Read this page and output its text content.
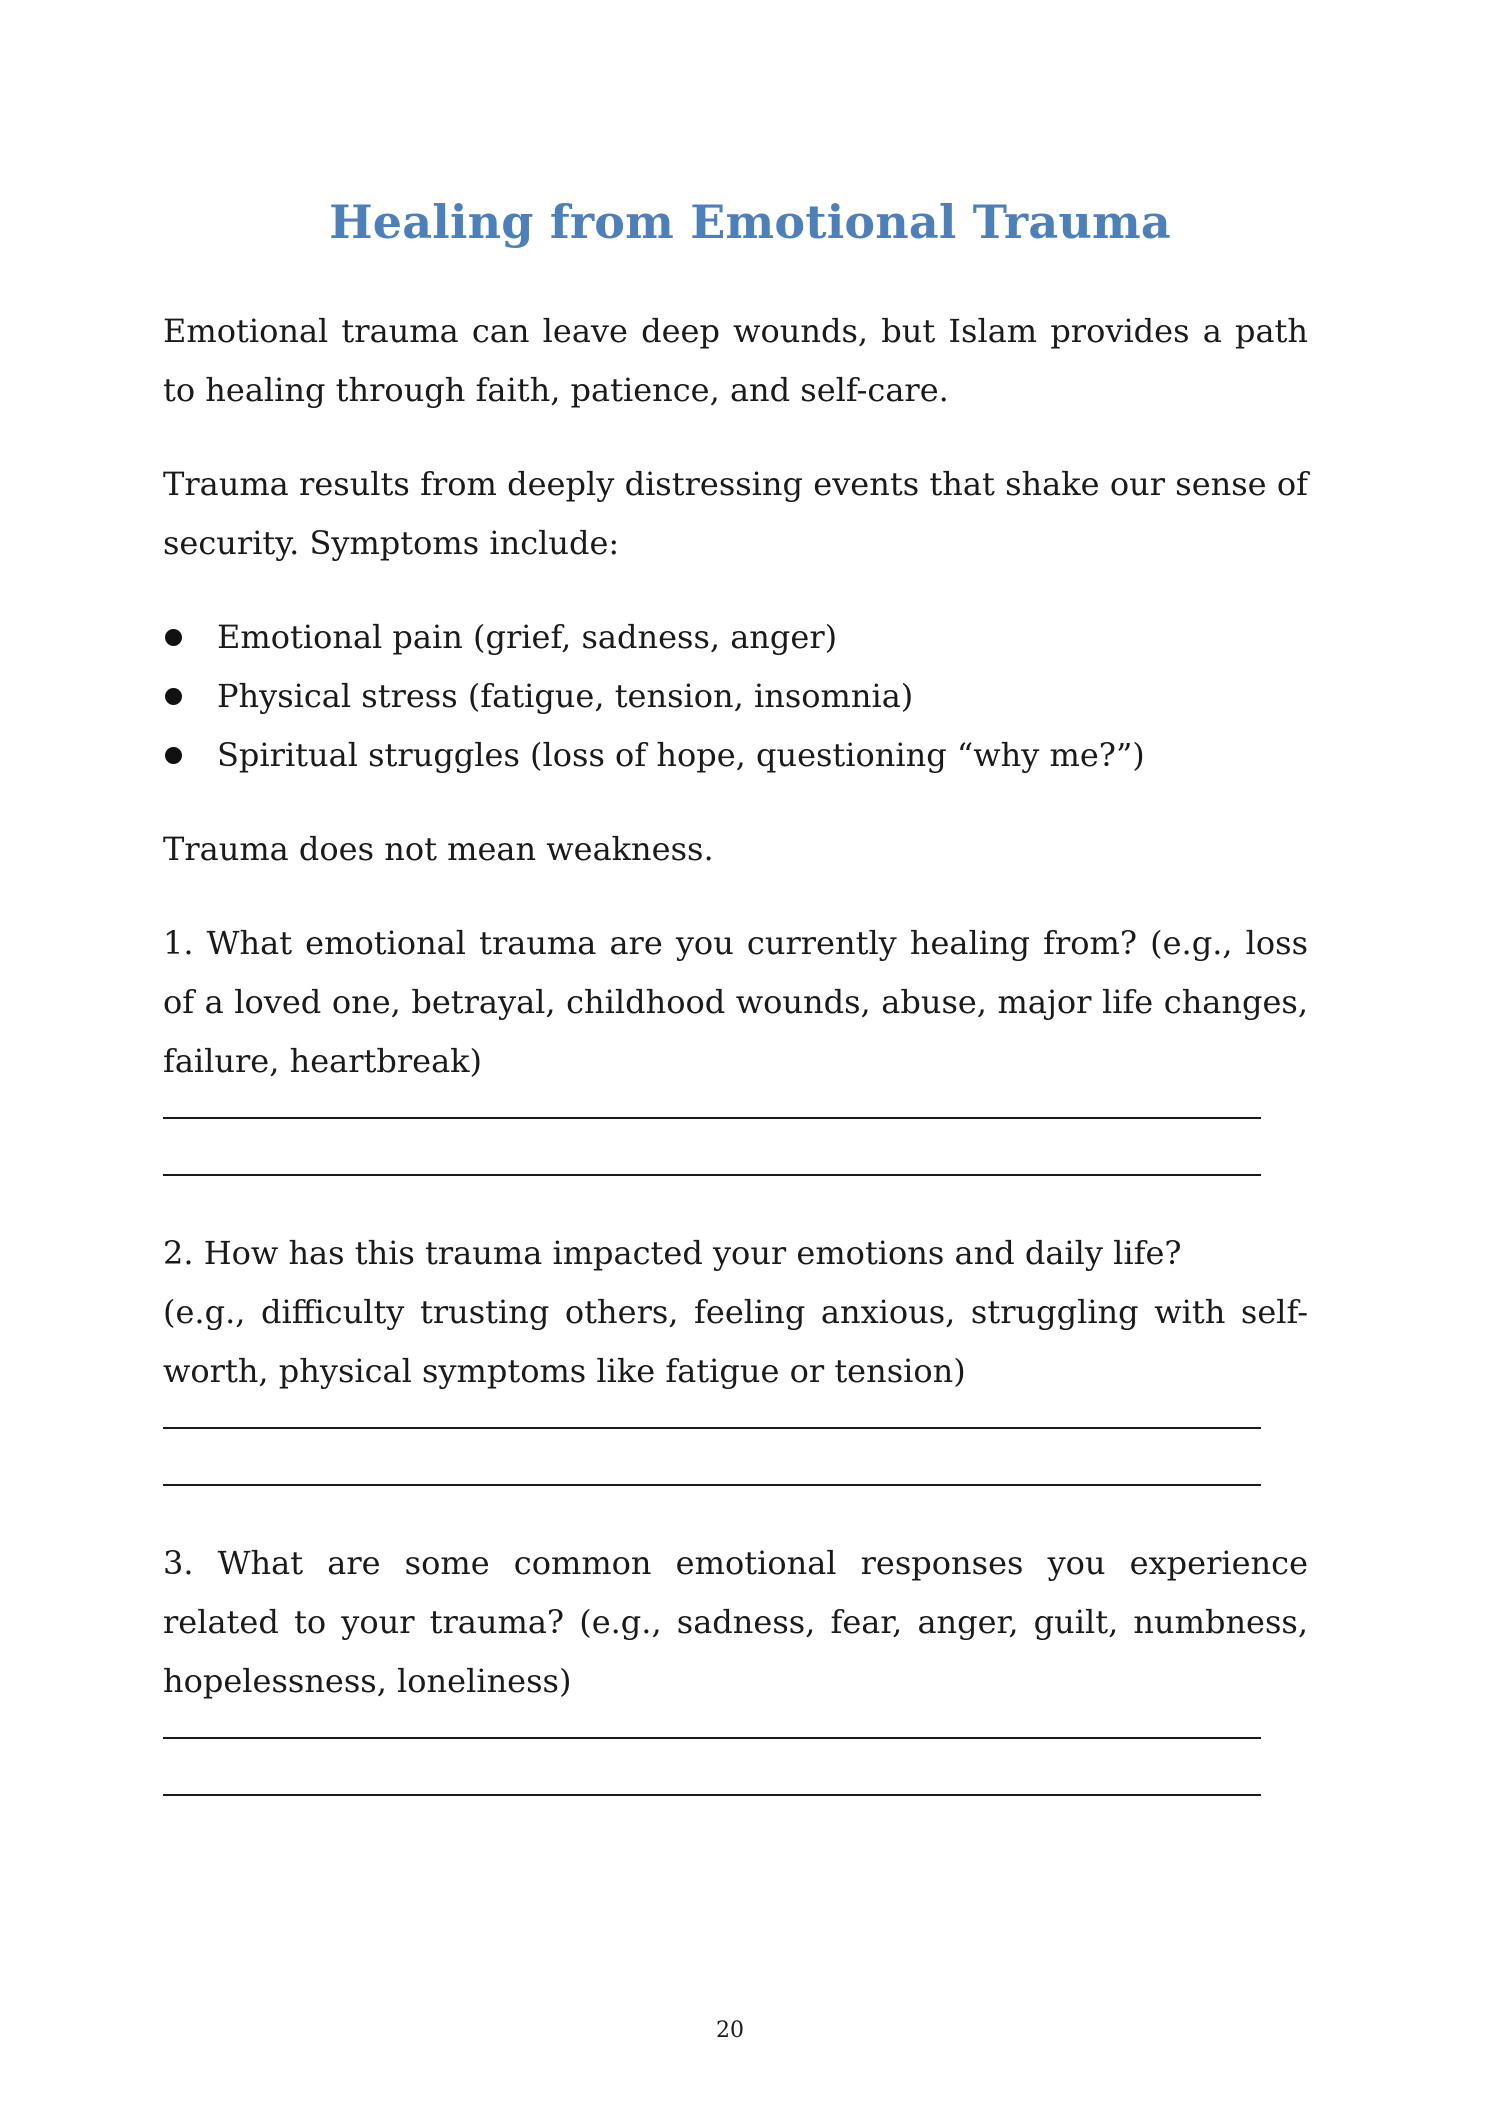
Healing from Emotional Trauma

Emotional trauma can leave deep wounds, but Islam provides a path to healing through faith, patience, and self-care.

Trauma results from deeply distressing events that shake our sense of security. Symptoms include:

Emotional pain (grief, sadness, anger)
Physical stress (fatigue, tension, insomnia)
Spiritual struggles (loss of hope, questioning “why me?”)

Trauma does not mean weakness.

1. What emotional trauma are you currently healing from? (e.g., loss of a loved one, betrayal, childhood wounds, abuse, major life changes, failure, heartbreak)

2. How has this trauma impacted your emotions and daily life?

(e.g., difficulty trusting others, feeling anxious, struggling with self-worth, physical symptoms like fatigue or tension)

3. What are some common emotional responses you experience related to your trauma? (e.g., sadness, fear, anger, guilt, numbness, hopelessness, loneliness)

20
